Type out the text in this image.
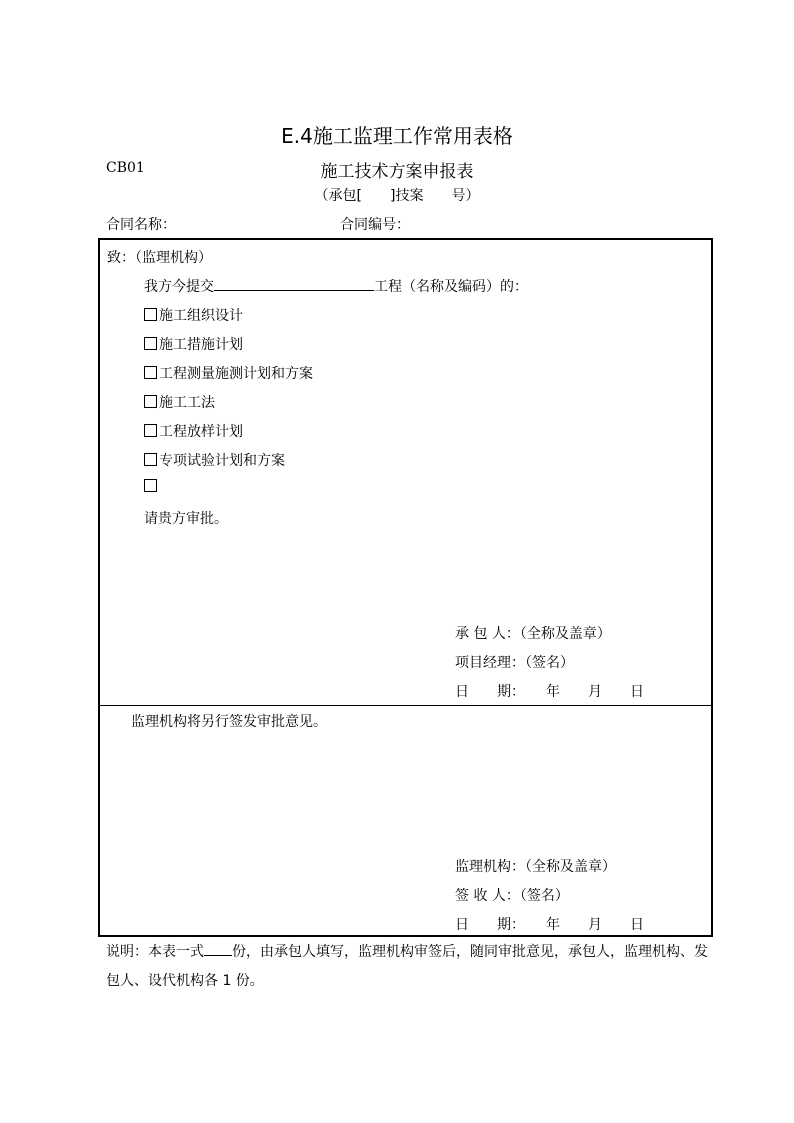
E.4施工监理工作常用表格
CB01	施工技术方案申报表
（承包[　　]技案　　号）
合同名称：	合同编号：
致：（监理机构）
我方今提交	工程（名称及编码）的：
施工组织设计
施工措施计划
工程测量施测计划和方案
施工工法
工程放样计划
专项试验计划和方案
请贵方审批。
承 包 人：（全称及盖章）
项目经理：（签名）
日　　期：　　年　　月　　日
监理机构将另行签发审批意见。
监理机构：（全称及盖章）
签 收 人：（签名）
日　　期：　　年　　月　　日
说明：本表一式 份，由承包人填写，监理机构审签后，随同审批意见，承包人，监理机构、发包人、设代机构各 1 份。
